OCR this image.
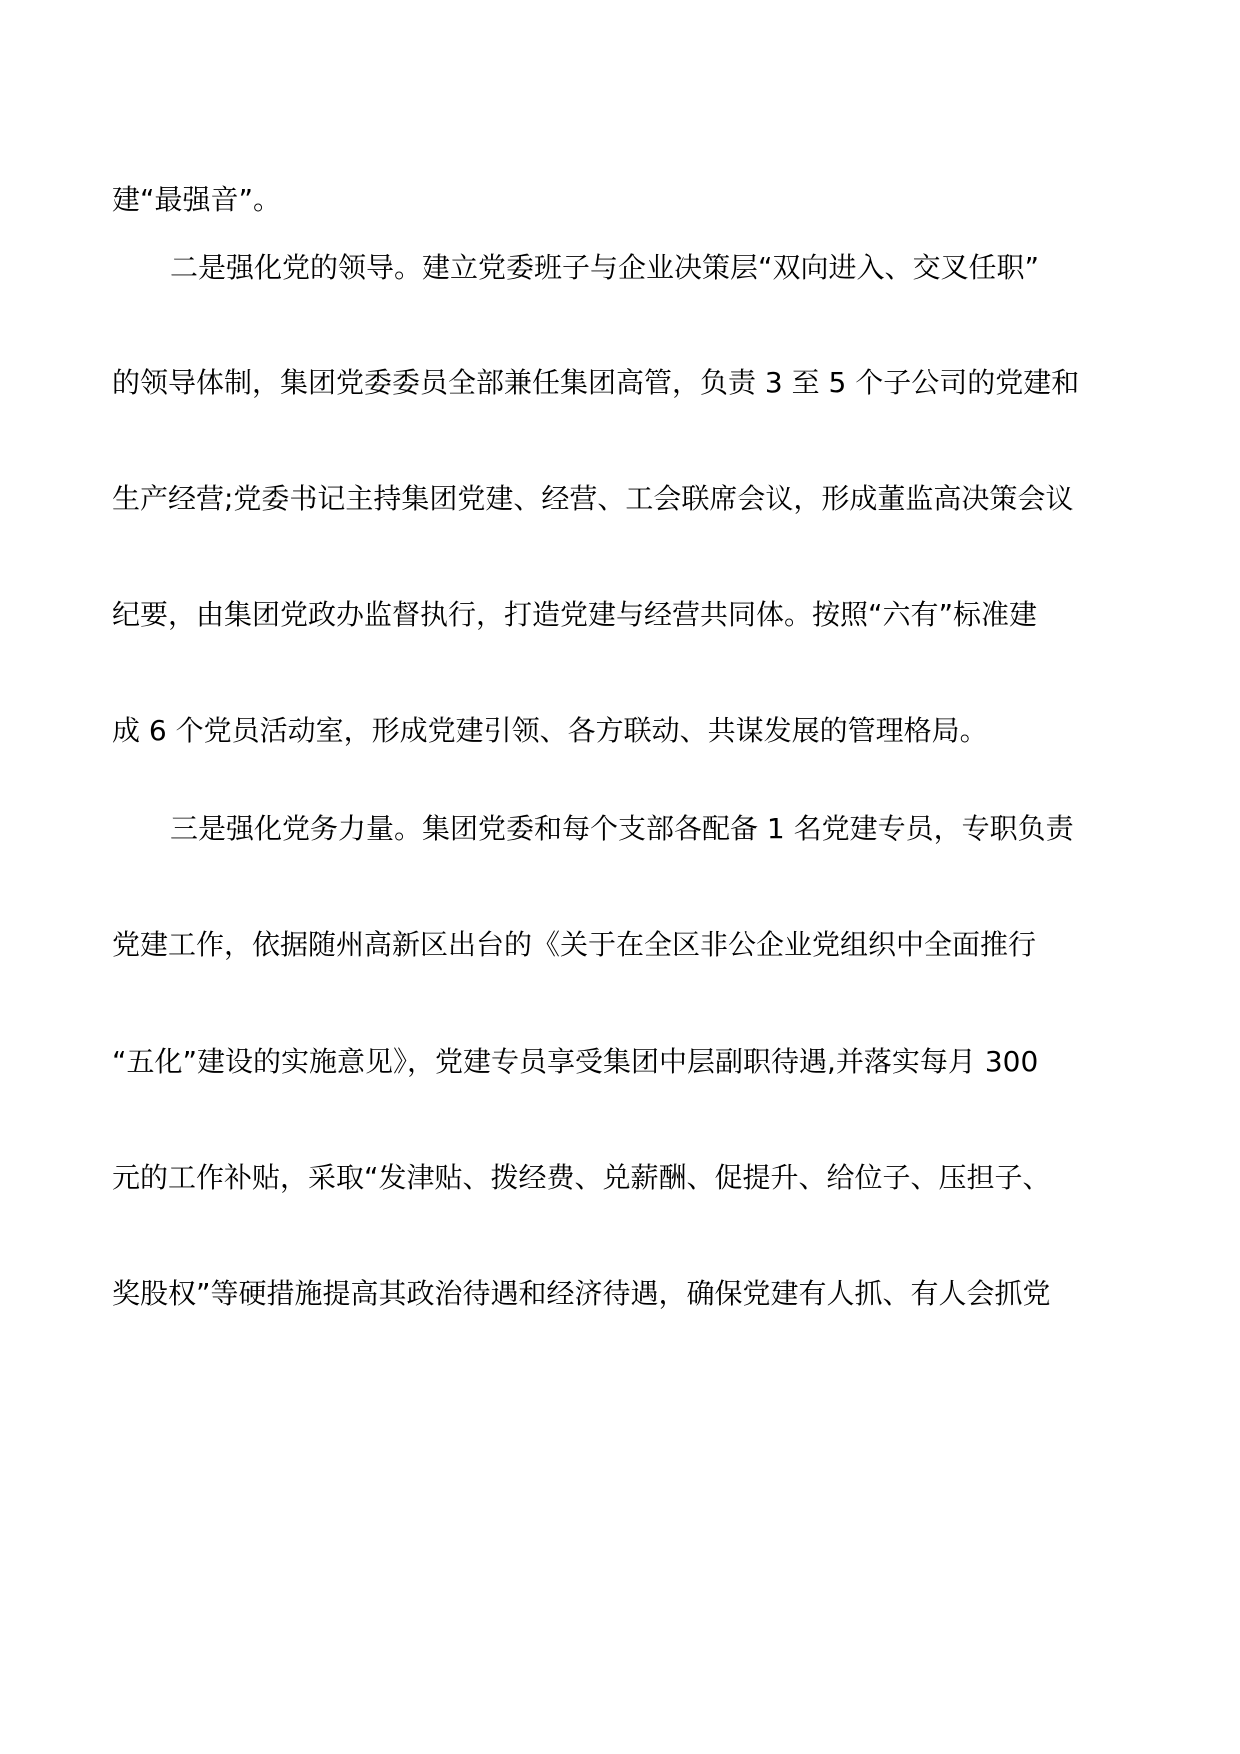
建“最强音”。
二是强化党的领导。建立党委班子与企业决策层“双向进入、交叉任职”
的领导体制，集团党委委员全部兼任集团高管，负责 3 至 5 个子公司的党建和
生产经营;党委书记主持集团党建、经营、工会联席会议，形成董监高决策会议
纪要，由集团党政办监督执行，打造党建与经营共同体。按照“六有”标准建
成 6 个党员活动室，形成党建引领、各方联动、共谋发展的管理格局。
三是强化党务力量。集团党委和每个支部各配备 1 名党建专员，专职负责
党建工作，依据随州高新区出台的《关于在全区非公企业党组织中全面推行
“五化”建设的实施意见》，党建专员享受集团中层副职待遇,并落实每月 300
元的工作补贴，采取“发津贴、拨经费、兑薪酬、促提升、给位子、压担子、
奖股权”等硬措施提高其政治待遇和经济待遇，确保党建有人抓、有人会抓党
